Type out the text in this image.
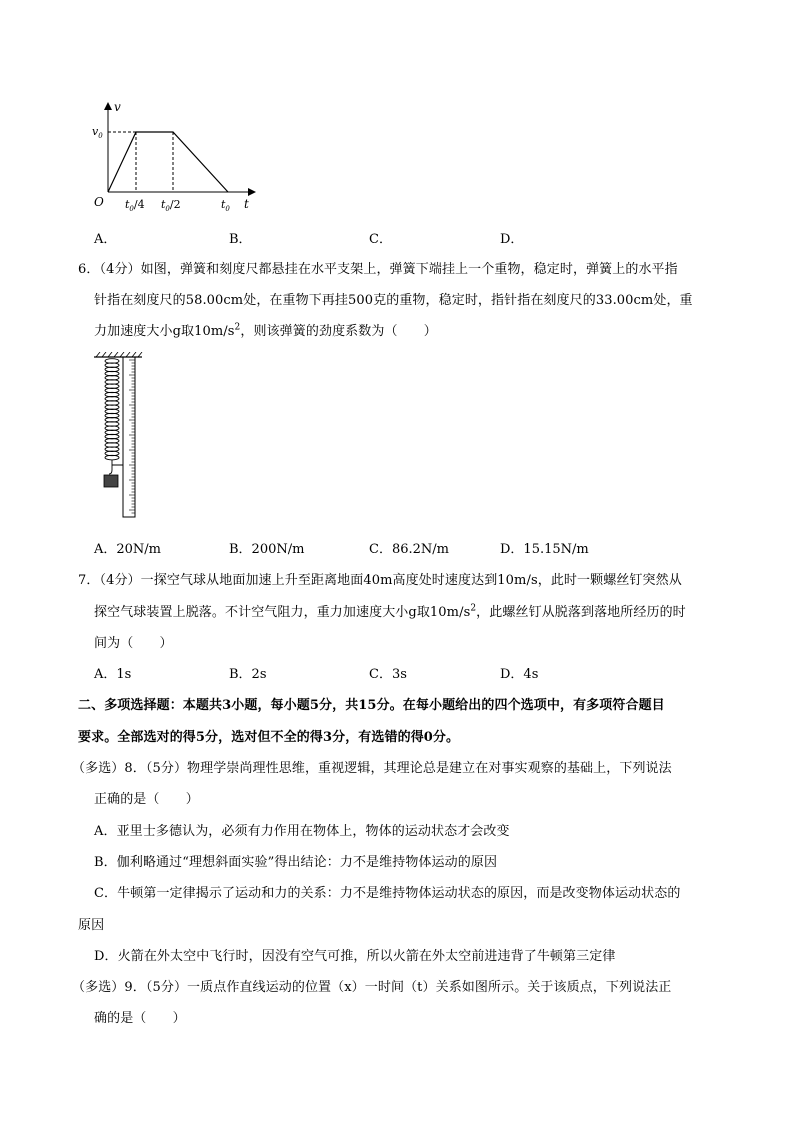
v
t
O
$v_0$
$t_0/4$ $t_0/2$	$t_0$
A．	B．	C．	D．
6．（4分）如图，弹簧和刻度尺都悬挂在水平支架上，弹簧下端挂上一个重物，稳定时，弹簧上的水平指
针指在刻度尺的58.00cm处，在重物下再挂500克的重物，稳定时，指针指在刻度尺的33.00cm处，重
力加速度大小g取$10m/s^2$，则该弹簧的劲度系数为（　　）
A．20N/m	B．200N/m	C．86.2N/m	D．15.15N/m
7．（4分）一探空气球从地面加速上升至距离地面40m高度处时速度达到10m/s，此时一颗螺丝钉突然从
探空气球装置上脱落。不计空气阻力，重力加速度大小g取$10m/s^2$，此螺丝钉从脱落到落地所经历的时
间为（　　）
A．1s	B．2s	C．3s	D．4s
二、多项选择题：本题共3小题，每小题5分，共15分。在每小题给出的四个选项中，有多项符合题目
要求。全部选对的得5分，选对但不全的得3分，有选错的得0分。
（多选）8．（5分）物理学崇尚理性思维，重视逻辑，其理论总是建立在对事实观察的基础上，下列说法
正确的是（　　）
A．亚里士多德认为，必须有力作用在物体上，物体的运动状态才会改变
B．伽利略通过“理想斜面实验”得出结论：力不是维持物体运动的原因
C．牛顿第一定律揭示了运动和力的关系：力不是维持物体运动状态的原因，而是改变物体运动状态的
原因
D．火箭在外太空中飞行时，因没有空气可推，所以火箭在外太空前进违背了牛顿第三定律
（多选）9．（5分）一质点作直线运动的位置（x）一时间（t）关系如图所示。关于该质点，下列说法正
确的是（　　）
